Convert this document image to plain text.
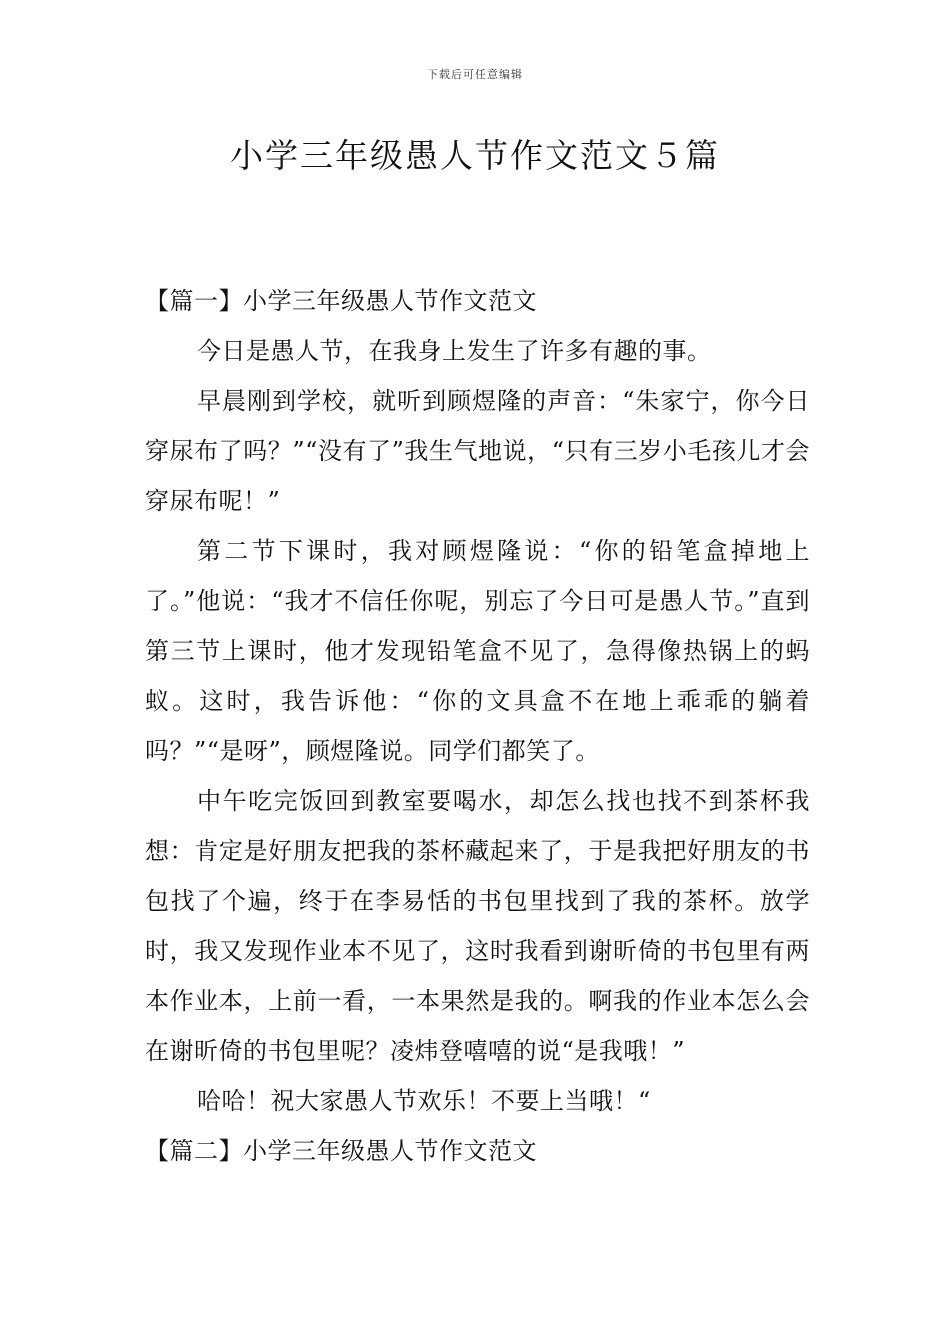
下载后可任意编辑
小学三年级愚人节作文范文５篇
【篇一】小学三年级愚人节作文范文

今日是愚人节，在我身上发生了许多有趣的事。

早晨刚到学校，就听到顾煜隆的声音：“朱家宁，你今日穿尿布了吗？”“没有了”我生气地说，“只有三岁小毛孩儿才会穿尿布呢！”

第二节下课时，我对顾煜隆说：“你的铅笔盒掉地上了。”他说：“我才不信任你呢，别忘了今日可是愚人节。”直到第三节上课时，他才发现铅笔盒不见了，急得像热锅上的蚂蚁。这时，我告诉他：“你的文具盒不在地上乖乖的躺着吗？”“是呀”，顾煜隆说。同学们都笑了。

中午吃完饭回到教室要喝水，却怎么找也找不到茶杯我想：肯定是好朋友把我的茶杯藏起来了，于是我把好朋友的书包找了个遍，终于在李易恬的书包里找到了我的茶杯。放学时，我又发现作业本不见了，这时我看到谢昕倚的书包里有两本作业本，上前一看，一本果然是我的。啊我的作业本怎么会在谢昕倚的书包里呢？凌炜登嘻嘻的说“是我哦！”

哈哈！祝大家愚人节欢乐！不要上当哦！“

【篇二】小学三年级愚人节作文范文
